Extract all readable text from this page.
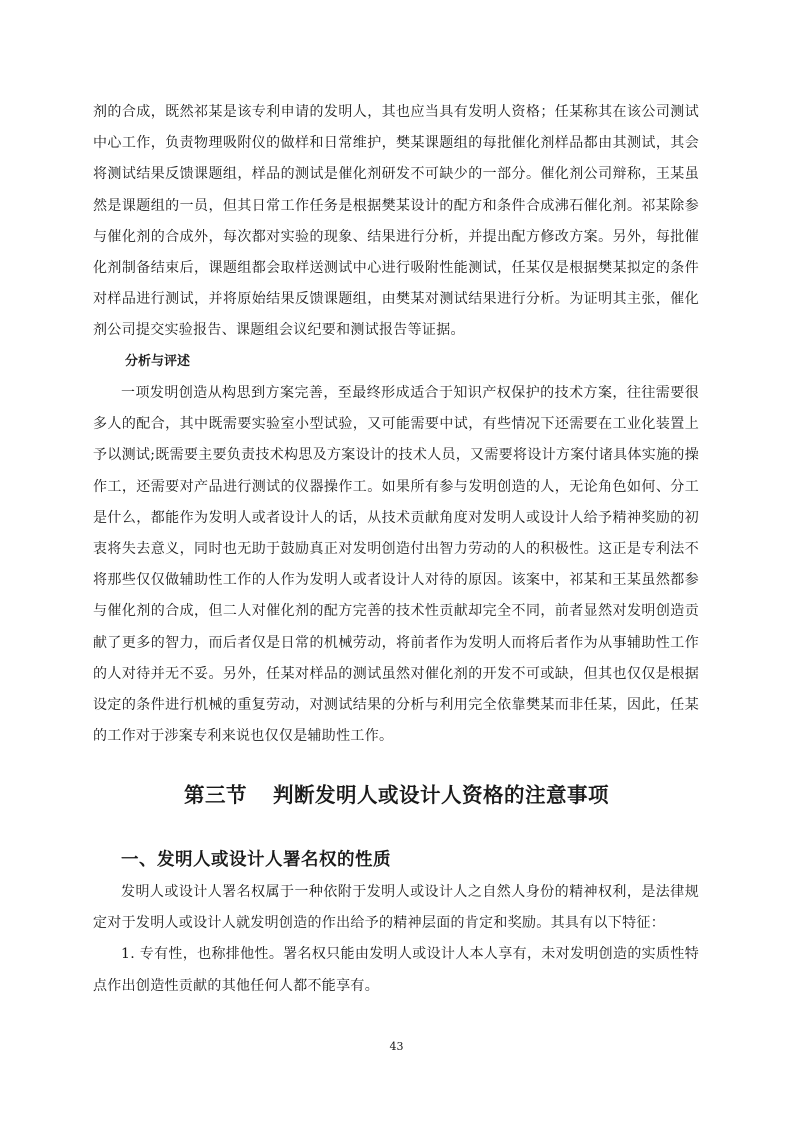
剂的合成，既然祁某是该专利申请的发明人，其也应当具有发明人资格；任某称其在该公司测试中心工作，负责物理吸附仪的做样和日常维护，樊某课题组的每批催化剂样品都由其测试，其会将测试结果反馈课题组，样品的测试是催化剂研发不可缺少的一部分。催化剂公司辩称，王某虽然是课题组的一员，但其日常工作任务是根据樊某设计的配方和条件合成沸石催化剂。祁某除参与催化剂的合成外，每次都对实验的现象、结果进行分析，并提出配方修改方案。另外，每批催化剂制备结束后，课题组都会取样送测试中心进行吸附性能测试，任某仅是根据樊某拟定的条件对样品进行测试，并将原始结果反馈课题组，由樊某对测试结果进行分析。为证明其主张，催化剂公司提交实验报告、课题组会议纪要和测试报告等证据。

分析与评述

一项发明创造从构思到方案完善，至最终形成适合于知识产权保护的技术方案，往往需要很多人的配合，其中既需要实验室小型试验，又可能需要中试，有些情况下还需要在工业化装置上予以测试;既需要主要负责技术构思及方案设计的技术人员，又需要将设计方案付诸具体实施的操作工，还需要对产品进行测试的仪器操作工。如果所有参与发明创造的人，无论角色如何、分工是什么，都能作为发明人或者设计人的话，从技术贡献角度对发明人或设计人给予精神奖励的初衷将失去意义，同时也无助于鼓励真正对发明创造付出智力劳动的人的积极性。这正是专利法不将那些仅仅做辅助性工作的人作为发明人或者设计人对待的原因。该案中，祁某和王某虽然都参与催化剂的合成，但二人对催化剂的配方完善的技术性贡献却完全不同，前者显然对发明创造贡献了更多的智力，而后者仅是日常的机械劳动，将前者作为发明人而将后者作为从事辅助性工作的人对待并无不妥。另外，任某对样品的测试虽然对催化剂的开发不可或缺，但其也仅仅是根据设定的条件进行机械的重复劳动，对测试结果的分析与利用完全依靠樊某而非任某，因此，任某的工作对于涉案专利来说也仅仅是辅助性工作。

第三节 判断发明人或设计人资格的注意事项
一、发明人或设计人署名权的性质

发明人或设计人署名权属于一种依附于发明人或设计人之自然人身份的精神权利，是法律规定对于发明人或设计人就发明创造的作出给予的精神层面的肯定和奖励。其具有以下特征：

1. 专有性，也称排他性。署名权只能由发明人或设计人本人享有，未对发明创造的实质性特点作出创造性贡献的其他任何人都不能享有。

43
